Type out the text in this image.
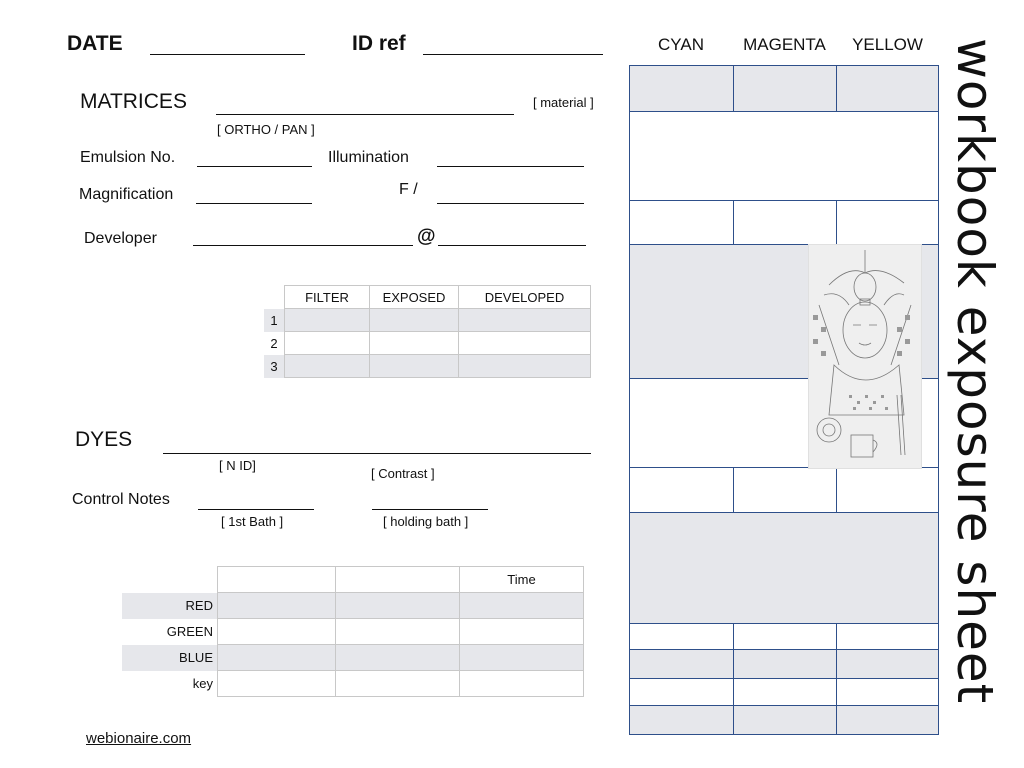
DATE	ID ref
MATRICES	[ material ]
[ ORTHO / PAN ]
Emulsion No.	Illumination
Magnification	F /
Developer	@
	FILTER	EXPOSED	DEVELOPED
1			
2			
3			
DYES
[ N ID]
[ Contrast ]
Control Notes
[ 1st Bath ]	[ holding bath ]
			Time
RED			
GREEN			
BLUE			
key			
CYAN	MAGENTA	YELLOW workbook exposure sheet
webionaire.com
